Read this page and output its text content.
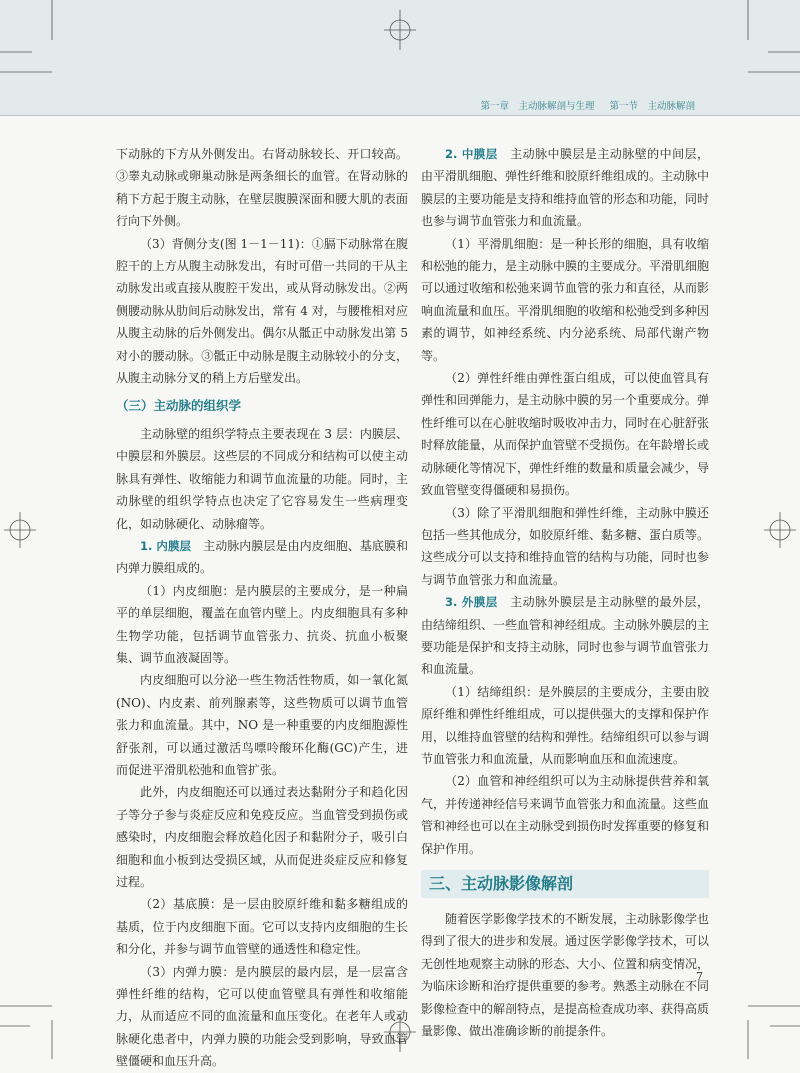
第一章　主动脉解剖与生理 第一节　主动脉解剖

下动脉的下方从外侧发出。右肾动脉较长、开口较高。③睾丸动脉或卵巢动脉是两条细长的血管。在肾动脉的稍下方起于腹主动脉，在壁层腹膜深面和腰大肌的表面行向下外侧。

（3）背侧分支(图 1－1－11)：①膈下动脉常在腹腔干的上方从腹主动脉发出，有时可借一共同的干从主动脉发出或直接从腹腔干发出，或从肾动脉发出。②两侧腰动脉从肋间后动脉发出，常有 4 对，与腰椎相对应从腹主动脉的后外侧发出。偶尔从骶正中动脉发出第 5 对小的腰动脉。③骶正中动脉是腹主动脉较小的分支，从腹主动脉分叉的稍上方后壁发出。

（三）主动脉的组织学

主动脉壁的组织学特点主要表现在 3 层：内膜层、中膜层和外膜层。这些层的不同成分和结构可以使主动脉具有弹性、收缩能力和调节血流量的功能。同时，主动脉壁的组织学特点也决定了它容易发生一些病理变化，如动脉硬化、动脉瘤等。

1. 内膜层　主动脉内膜层是由内皮细胞、基底膜和内弹力膜组成的。

（1）内皮细胞：是内膜层的主要成分，是一种扁平的单层细胞，覆盖在血管内壁上。内皮细胞具有多种生物学功能，包括调节血管张力、抗炎、抗血小板聚集、调节血液凝固等。

内皮细胞可以分泌一些生物活性物质，如一氧化氮(NO)、内皮素、前列腺素等，这些物质可以调节血管张力和血流量。其中，NO 是一种重要的内皮细胞源性舒张剂，可以通过激活鸟嘌呤酸环化酶(GC)产生，进而促进平滑肌松弛和血管扩张。

此外，内皮细胞还可以通过表达黏附分子和趋化因子等分子参与炎症反应和免疫反应。当血管受到损伤或感染时，内皮细胞会释放趋化因子和黏附分子，吸引白细胞和血小板到达受损区域，从而促进炎症反应和修复过程。

（2）基底膜：是一层由胶原纤维和黏多糖组成的基质，位于内皮细胞下面。它可以支持内皮细胞的生长和分化，并参与调节血管壁的通透性和稳定性。

（3）内弹力膜：是内膜层的最内层，是一层富含弹性纤维的结构，它可以使血管壁具有弹性和收缩能力，从而适应不同的血流量和血压变化。在老年人或动脉硬化患者中，内弹力膜的功能会受到影响，导致血管壁僵硬和血压升高。

2. 中膜层　主动脉中膜层是主动脉壁的中间层，由平滑肌细胞、弹性纤维和胶原纤维组成的。主动脉中膜层的主要功能是支持和维持血管的形态和功能，同时也参与调节血管张力和血流量。

（1）平滑肌细胞：是一种长形的细胞，具有收缩和松弛的能力，是主动脉中膜的主要成分。平滑肌细胞可以通过收缩和松弛来调节血管的张力和直径，从而影响血流量和血压。平滑肌细胞的收缩和松弛受到多种因素的调节，如神经系统、内分泌系统、局部代谢产物等。

（2）弹性纤维由弹性蛋白组成，可以使血管具有弹性和回弹能力，是主动脉中膜的另一个重要成分。弹性纤维可以在心脏收缩时吸收冲击力，同时在心脏舒张时释放能量，从而保护血管壁不受损伤。在年龄增长或动脉硬化等情况下，弹性纤维的数量和质量会减少，导致血管壁变得僵硬和易损伤。

（3）除了平滑肌细胞和弹性纤维，主动脉中膜还包括一些其他成分，如胶原纤维、黏多糖、蛋白质等。这些成分可以支持和维持血管的结构与功能，同时也参与调节血管张力和血流量。

3. 外膜层　主动脉外膜层是主动脉壁的最外层，由结缔组织、一些血管和神经组成。主动脉外膜层的主要功能是保护和支持主动脉，同时也参与调节血管张力和血流量。

（1）结缔组织：是外膜层的主要成分，主要由胶原纤维和弹性纤维组成，可以提供强大的支撑和保护作用，以维持血管壁的结构和弹性。结缔组织可以参与调节血管张力和血流量，从而影响血压和血流速度。

（2）血管和神经组织可以为主动脉提供营养和氧气，并传递神经信号来调节血管张力和血流量。这些血管和神经也可以在主动脉受到损伤时发挥重要的修复和保护作用。

三、主动脉影像解剖

随着医学影像学技术的不断发展，主动脉影像学也得到了很大的进步和发展。通过医学影像学技术，可以无创性地观察主动脉的形态、大小、位置和病变情况，为临床诊断和治疗提供重要的参考。熟悉主动脉在不同影像检查中的解剖特点，是提高检查成功率、获得高质量影像、做出准确诊断的前提条件。

7
